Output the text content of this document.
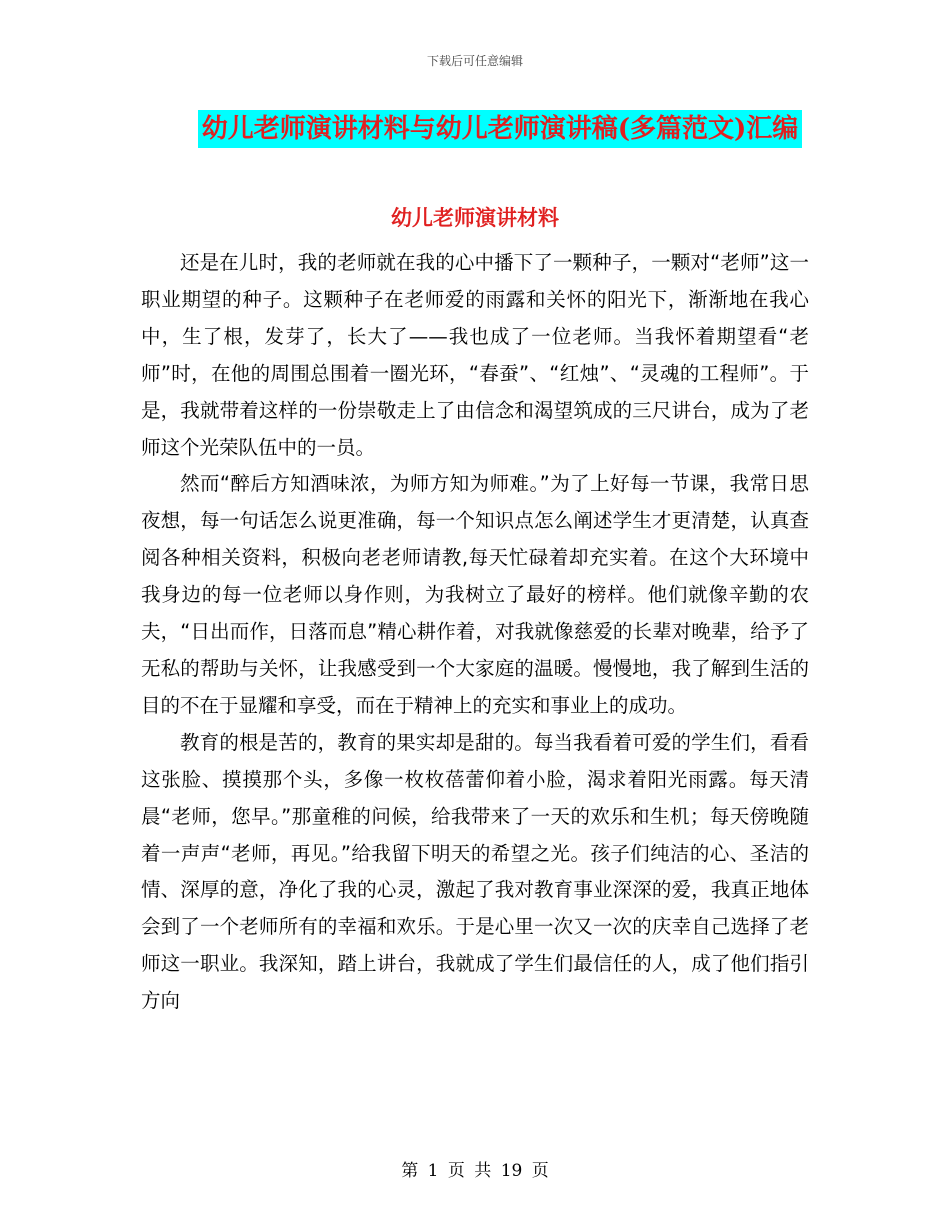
下载后可任意编辑
幼儿老师演讲材料与幼儿老师演讲稿(多篇范文)汇编
幼儿老师演讲材料

还是在儿时，我的老师就在我的心中播下了一颗种子，一颗对“老师”这一职业期望的种子。这颗种子在老师爱的雨露和关怀的阳光下，渐渐地在我心中，生了根，发芽了，长大了——我也成了一位老师。当我怀着期望看“老师”时，在他的周围总围着一圈光环，“春蚕”、“红烛”、“灵魂的工程师”。于是，我就带着这样的一份崇敬走上了由信念和渴望筑成的三尺讲台，成为了老师这个光荣队伍中的一员。

然而“醉后方知酒味浓，为师方知为师难。”为了上好每一节课，我常日思夜想，每一句话怎么说更准确，每一个知识点怎么阐述学生才更清楚，认真查阅各种相关资料，积极向老老师请教,每天忙碌着却充实着。在这个大环境中我身边的每一位老师以身作则，为我树立了最好的榜样。他们就像辛勤的农夫，“日出而作，日落而息”精心耕作着，对我就像慈爱的长辈对晚辈，给予了无私的帮助与关怀，让我感受到一个大家庭的温暖。慢慢地，我了解到生活的目的不在于显耀和享受，而在于精神上的充实和事业上的成功。

教育的根是苦的，教育的果实却是甜的。每当我看着可爱的学生们，看看这张脸、摸摸那个头，多像一枚枚蓓蕾仰着小脸，渴求着阳光雨露。每天清晨“老师，您早。”那童稚的问候，给我带来了一天的欢乐和生机；每天傍晚随着一声声“老师，再见。”给我留下明天的希望之光。孩子们纯洁的心、圣洁的情、深厚的意，净化了我的心灵，激起了我对教育事业深深的爱，我真正地体会到了一个老师所有的幸福和欢乐。于是心里一次又一次的庆幸自己选择了老师这一职业。我深知，踏上讲台，我就成了学生们最信任的人，成了他们指引方向

第 1 页 共 19 页
